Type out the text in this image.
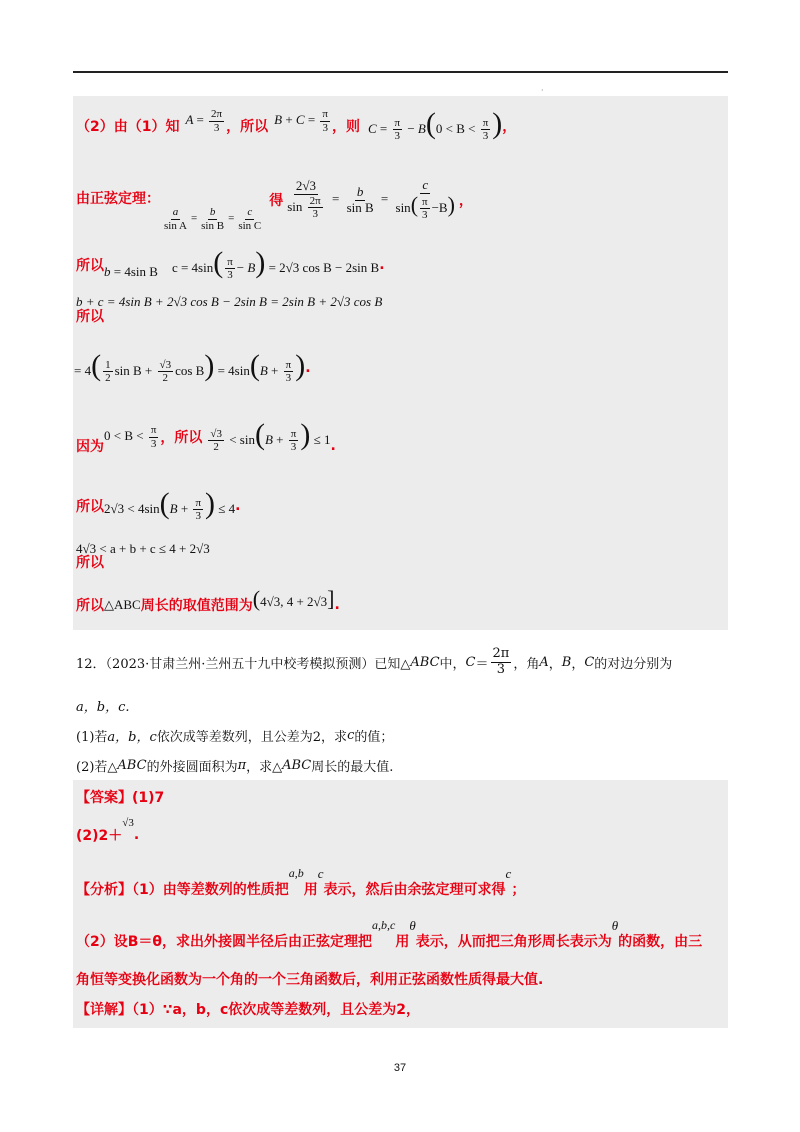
·
（2）由（1）知 $A = \frac{2\pi}{3}$ ，所以 $B + C = \frac{\pi}{3}$ ，则 $C = \frac{\pi}{3} - B(0 < B < \frac{\pi}{3}$ ) ，
由正弦定理：
$\frac{a}{\text{sin A}} = \frac{b}{\text{sin B}} = \frac{c}{\text{sin C}}$
得 $\frac{2√3}{\sin \frac{2\pi}{3}} = \frac{b}{\text{sin B}} = \frac{c}{\sin( \frac{\pi}{3} -B)}$ ，
所以 b = 4sin B $c = 4\sin( \frac{\pi}{3} - B) = 2√3$ cos B − 2sin B .
所以
b + c = 4sin B + 2√3 cos B − 2sin B = 2sin B + 2√3 cos B
= $4( \frac{1}{2}$ $\sin B + \frac{√3}{2}$ $\cos B) = 4\sin(B + \frac{\pi}{3}$ ) .
因为
$0 < B < \frac{\pi}{3}$ ，所以 $\frac{√3}{2} < \sin(B + \frac{\pi}{3}$ ) ≤ 1 .
所以 $2√3 < 4\sin(B + \frac{\pi}{3}$ ) ≤ 4 .
所以
4√3 < a + b + c ≤ 4 + 2√3
所以 △ABC 周长的取值范围为 (4√3, 4 + 2√3] .
12．（2023·甘肃兰州·兰州五十九中校考模拟预测）已知△ ABC 中， C ＝
2π
3 ，角 A ， B ， C 的对边分别为
a，b，c.
(1)若 a，b，c 依次成等差数列，且公差为2，求 c 的值；
(2)若△ ABC 的外接圆面积为 π ，求△ ABC 周长的最大值.
【答案】(1)7
(2)2＋
√3
.
【分析】（1）由等差数列的性质把
a,b
用
c
表示，然后由余弦定理可求得
c
；
（2）设B＝θ，求出外接圆半径后由正弦定理把
a,b,c
用
θ
表示，从而把三角形周长表示为
θ
的函数，由三
角恒等变换化函数为一个角的一个三角函数后，利用正弦函数性质得最大值.
【详解】（1）∵a，b，c依次成等差数列，且公差为2，
37
